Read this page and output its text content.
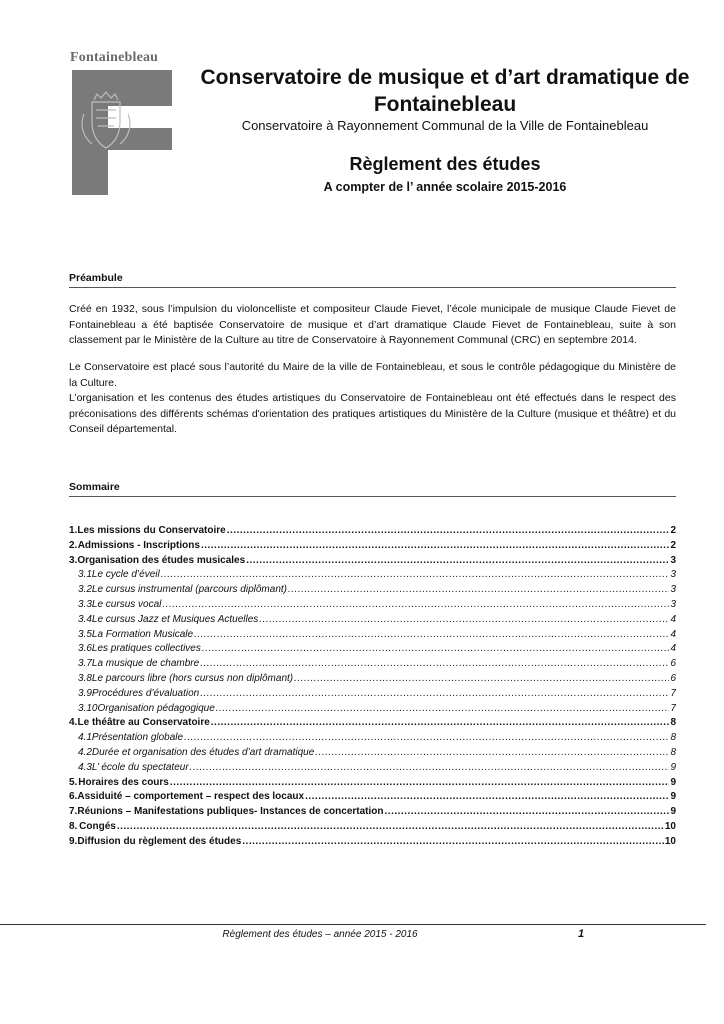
Fontainebleau
Conservatoire de musique et d’art dramatique de Fontainebleau
Conservatoire à Rayonnement Communal de la Ville de Fontainebleau
Règlement des études
A compter de l’ année scolaire 2015-2016
Préambule

Créé en 1932, sous l’impulsion du violoncelliste et compositeur Claude Fievet, l’école municipale de musique Claude Fievet de Fontainebleau a été baptisée Conservatoire de musique et d’art dramatique Claude Fievet de Fontainebleau, suite à son classement par le Ministère de la Culture au titre de Conservatoire à Rayonnement Communal (CRC) en septembre 2014.

Le Conservatoire est placé sous l’autorité du Maire de la ville de Fontainebleau, et sous le contrôle pédagogique du Ministère de la Culture.

L’organisation et les contenus des études artistiques du Conservatoire de Fontainebleau ont été effectués dans le respect des préconisations des différents schémas d'orientation des pratiques artistiques du Ministère de la Culture (musique et théâtre) et du Conseil départemental.

Sommaire
1. Les missions du Conservatoire .....	2
2. Admissions - Inscriptions .....	2
3. Organisation des études musicales .....	3
3.1 Le cycle d’éveil .....	3
3.2 Le cursus instrumental (parcours diplômant) .....	3
3.3 Le cursus vocal .....	3
3.4 Le cursus Jazz et Musiques Actuelles .....	4
3.5 La Formation Musicale .....	4
3.6 Les pratiques collectives .....	4
3.7 La musique de chambre .....	6
3.8 Le parcours libre (hors cursus non diplômant) .....	6
3.9 Procédures d’évaluation .....	7
3.10 Organisation pédagogique .....	7
4. Le théâtre au Conservatoire .....	8
4.1 Présentation globale .....	8
4.2 Durée et organisation des études d’art dramatique .....	8
4.3 L’ école du spectateur .....	9
5. Horaires des cours .....	9
6. Assiduité – comportement – respect des locaux .....	9
7. Réunions – Manifestations publiques- Instances de concertation .....	9
8. Congés .....	10
9. Diffusion du règlement des études .....	10
Règlement des études – année 2015 - 2016	1
